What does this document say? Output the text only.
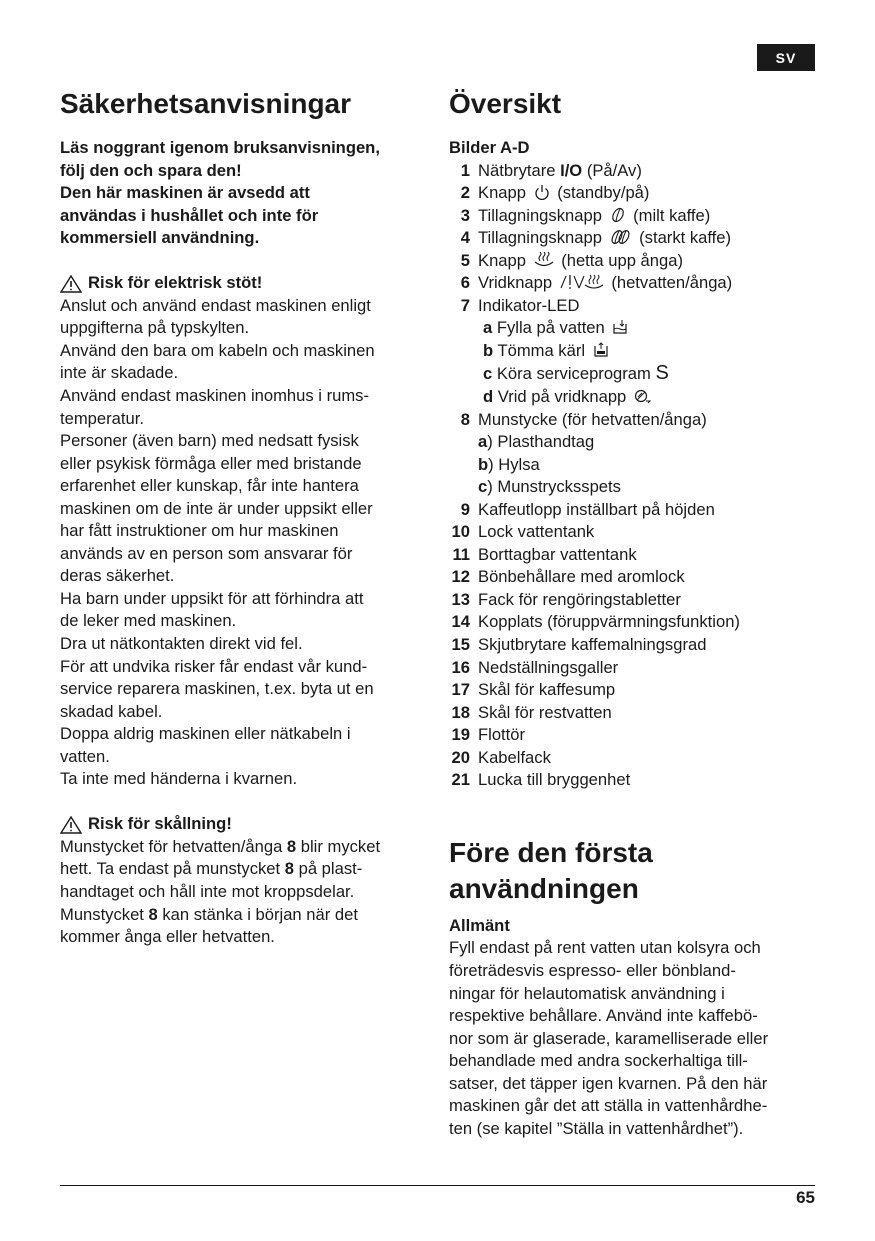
SV
Säkerhetsanvisningar
Läs noggrant igenom bruksanvisningen,
följ den och spara den!
Den här maskinen är avsedd att
användas i hushållet och inte för
kommersiell användning.
Risk för elektrisk stöt!
Anslut och använd endast maskinen enligt
uppgifterna på typskylten.
Använd den bara om kabeln och maskinen
inte är skadade.
Använd endast maskinen inomhus i rums-
temperatur.
Personer (även barn) med nedsatt fysisk
eller psykisk förmåga eller med bristande
erfarenhet eller kunskap, får inte hantera
maskinen om de inte är under uppsikt eller
har fått instruktioner om hur maskinen
används av en person som ansvarar för
deras säkerhet.
Ha barn under uppsikt för att förhindra att
de leker med maskinen.
Dra ut nätkontakten direkt vid fel.
För att undvika risker får endast vår kund-
service reparera maskinen, t.ex. byta ut en
skadad kabel.
Doppa aldrig maskinen eller nätkabeln i
vatten.
Ta inte med händerna i kvarnen.
Risk för skållning!
Munstycket för hetvatten/ånga 8 blir mycket
hett. Ta endast på munstycket 8 på plast-
handtaget och håll inte mot kroppsdelar.
Munstycket 8 kan stänka i början när det
kommer ånga eller hetvatten.
Översikt
Bilder A-D
1 Nätbrytare I/O (På/Av)
2 Knapp
(standby/på)
3 Tillagningsknapp
(milt kaffe)
4 Tillagningsknapp
(starkt kaffe)
5 Knapp
(hetta upp ånga)
6 Vridknapp	(hetvatten/ånga)
7 Indikator-LED
a Fylla på vatten
b Tömma kärl
c Köra serviceprogram S
d Vrid på vridknapp
8 Munstycke (för hetvatten/ånga)
a) Plasthandtag
b) Hylsa
c) Munstrycksspets
9 Kaffeutlopp inställbart på höjden
10 Lock vattentank
11 Borttagbar vattentank
12 Bönbehållare med aromlock
13 Fack för rengöringstabletter
14 Kopplats (föruppvärmningsfunktion)
15 Skjutbrytare kaffemalningsgrad
16 Nedställningsgaller
17 Skål för kaffesump
18 Skål för restvatten
19 Flottör
20 Kabelfack
21 Lucka till bryggenhet
Före den första
användningen
Allmänt
Fyll endast på rent vatten utan kolsyra och
företrädesvis espresso- eller bönbland-
ningar för helautomatisk användning i
respektive behållare. Använd inte kaffebö-
nor som är glaserade, karamelliserade eller
behandlade med andra sockerhaltiga till-
satser, det täpper igen kvarnen. På den här
maskinen går det att ställa in vattenhårdhe-
ten (se kapitel ”Ställa in vattenhårdhet”).
65
